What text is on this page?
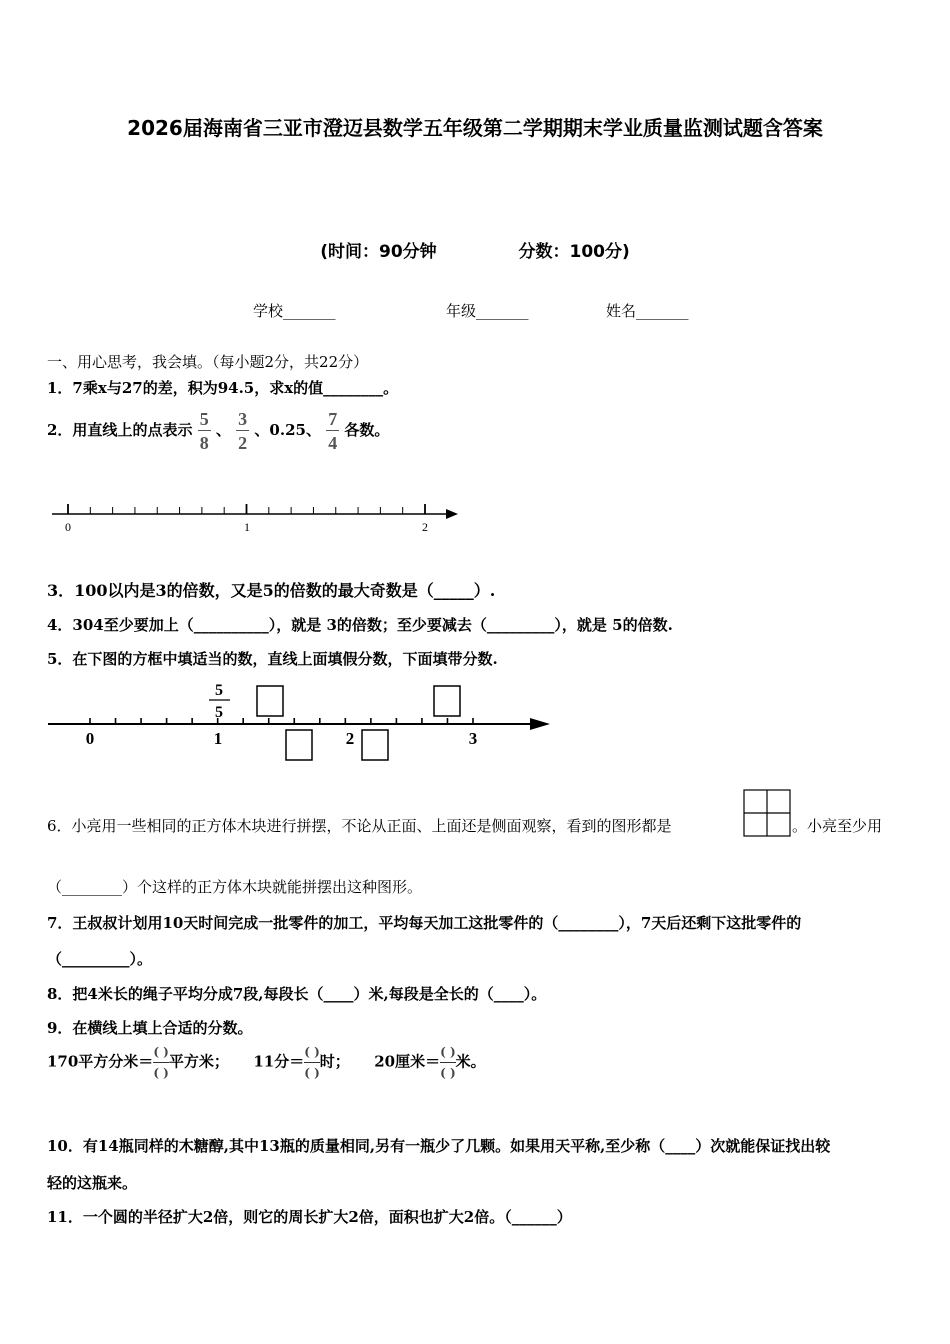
2026届海南省三亚市澄迈县数学五年级第二学期期末学业质量监测试题含答案
(时间：90分钟	分数：100分)
学校_______	年级_______	姓名_______
一、用心思考，我会填。（每小题2分，共22分）
1．7乘x与27的差，积为94.5，求x的值________。
2．用直线上的点表示 $\frac{5}{8}$ 、 $\frac{3}{2}$ 、0.25、 $\frac{7}{4}$ 各数。
0	1	2
3．100以内是3的倍数，又是5的倍数的最大奇数是（_____）.
4．304至少要加上（__________），就是 3的倍数；至少要减去（_________），就是 5的倍数.
5．在下图的方框中填适当的数，直线上面填假分数，下面填带分数.
5
5
0	1	2	3
6．小亮用一些相同的正方体木块进行拼摆，不论从正面、上面还是侧面观察，看到的图形都是	。小亮至少用
（________）个这样的正方体木块就能拼摆出这种图形。
7．王叔叔计划用10天时间完成一批零件的加工，平均每天加工这批零件的（________），7天后还剩下这批零件的
（_________）。
8．把4米长的绳子平均分成7段,每段长（____）米,每段是全长的（____）。
9．在横线上填上合适的分数。
170平方分米＝
( )
( )
平方米； 11分＝
( )
( )
时； 20厘米＝
( )
( )
米。
10．有14瓶同样的木糖醇,其中13瓶的质量相同,另有一瓶少了几颗。如果用天平称,至少称（____）次就能保证找出较
轻的这瓶来。
11．一个圆的半径扩大2倍，则它的周长扩大2倍，面积也扩大2倍。（______）
